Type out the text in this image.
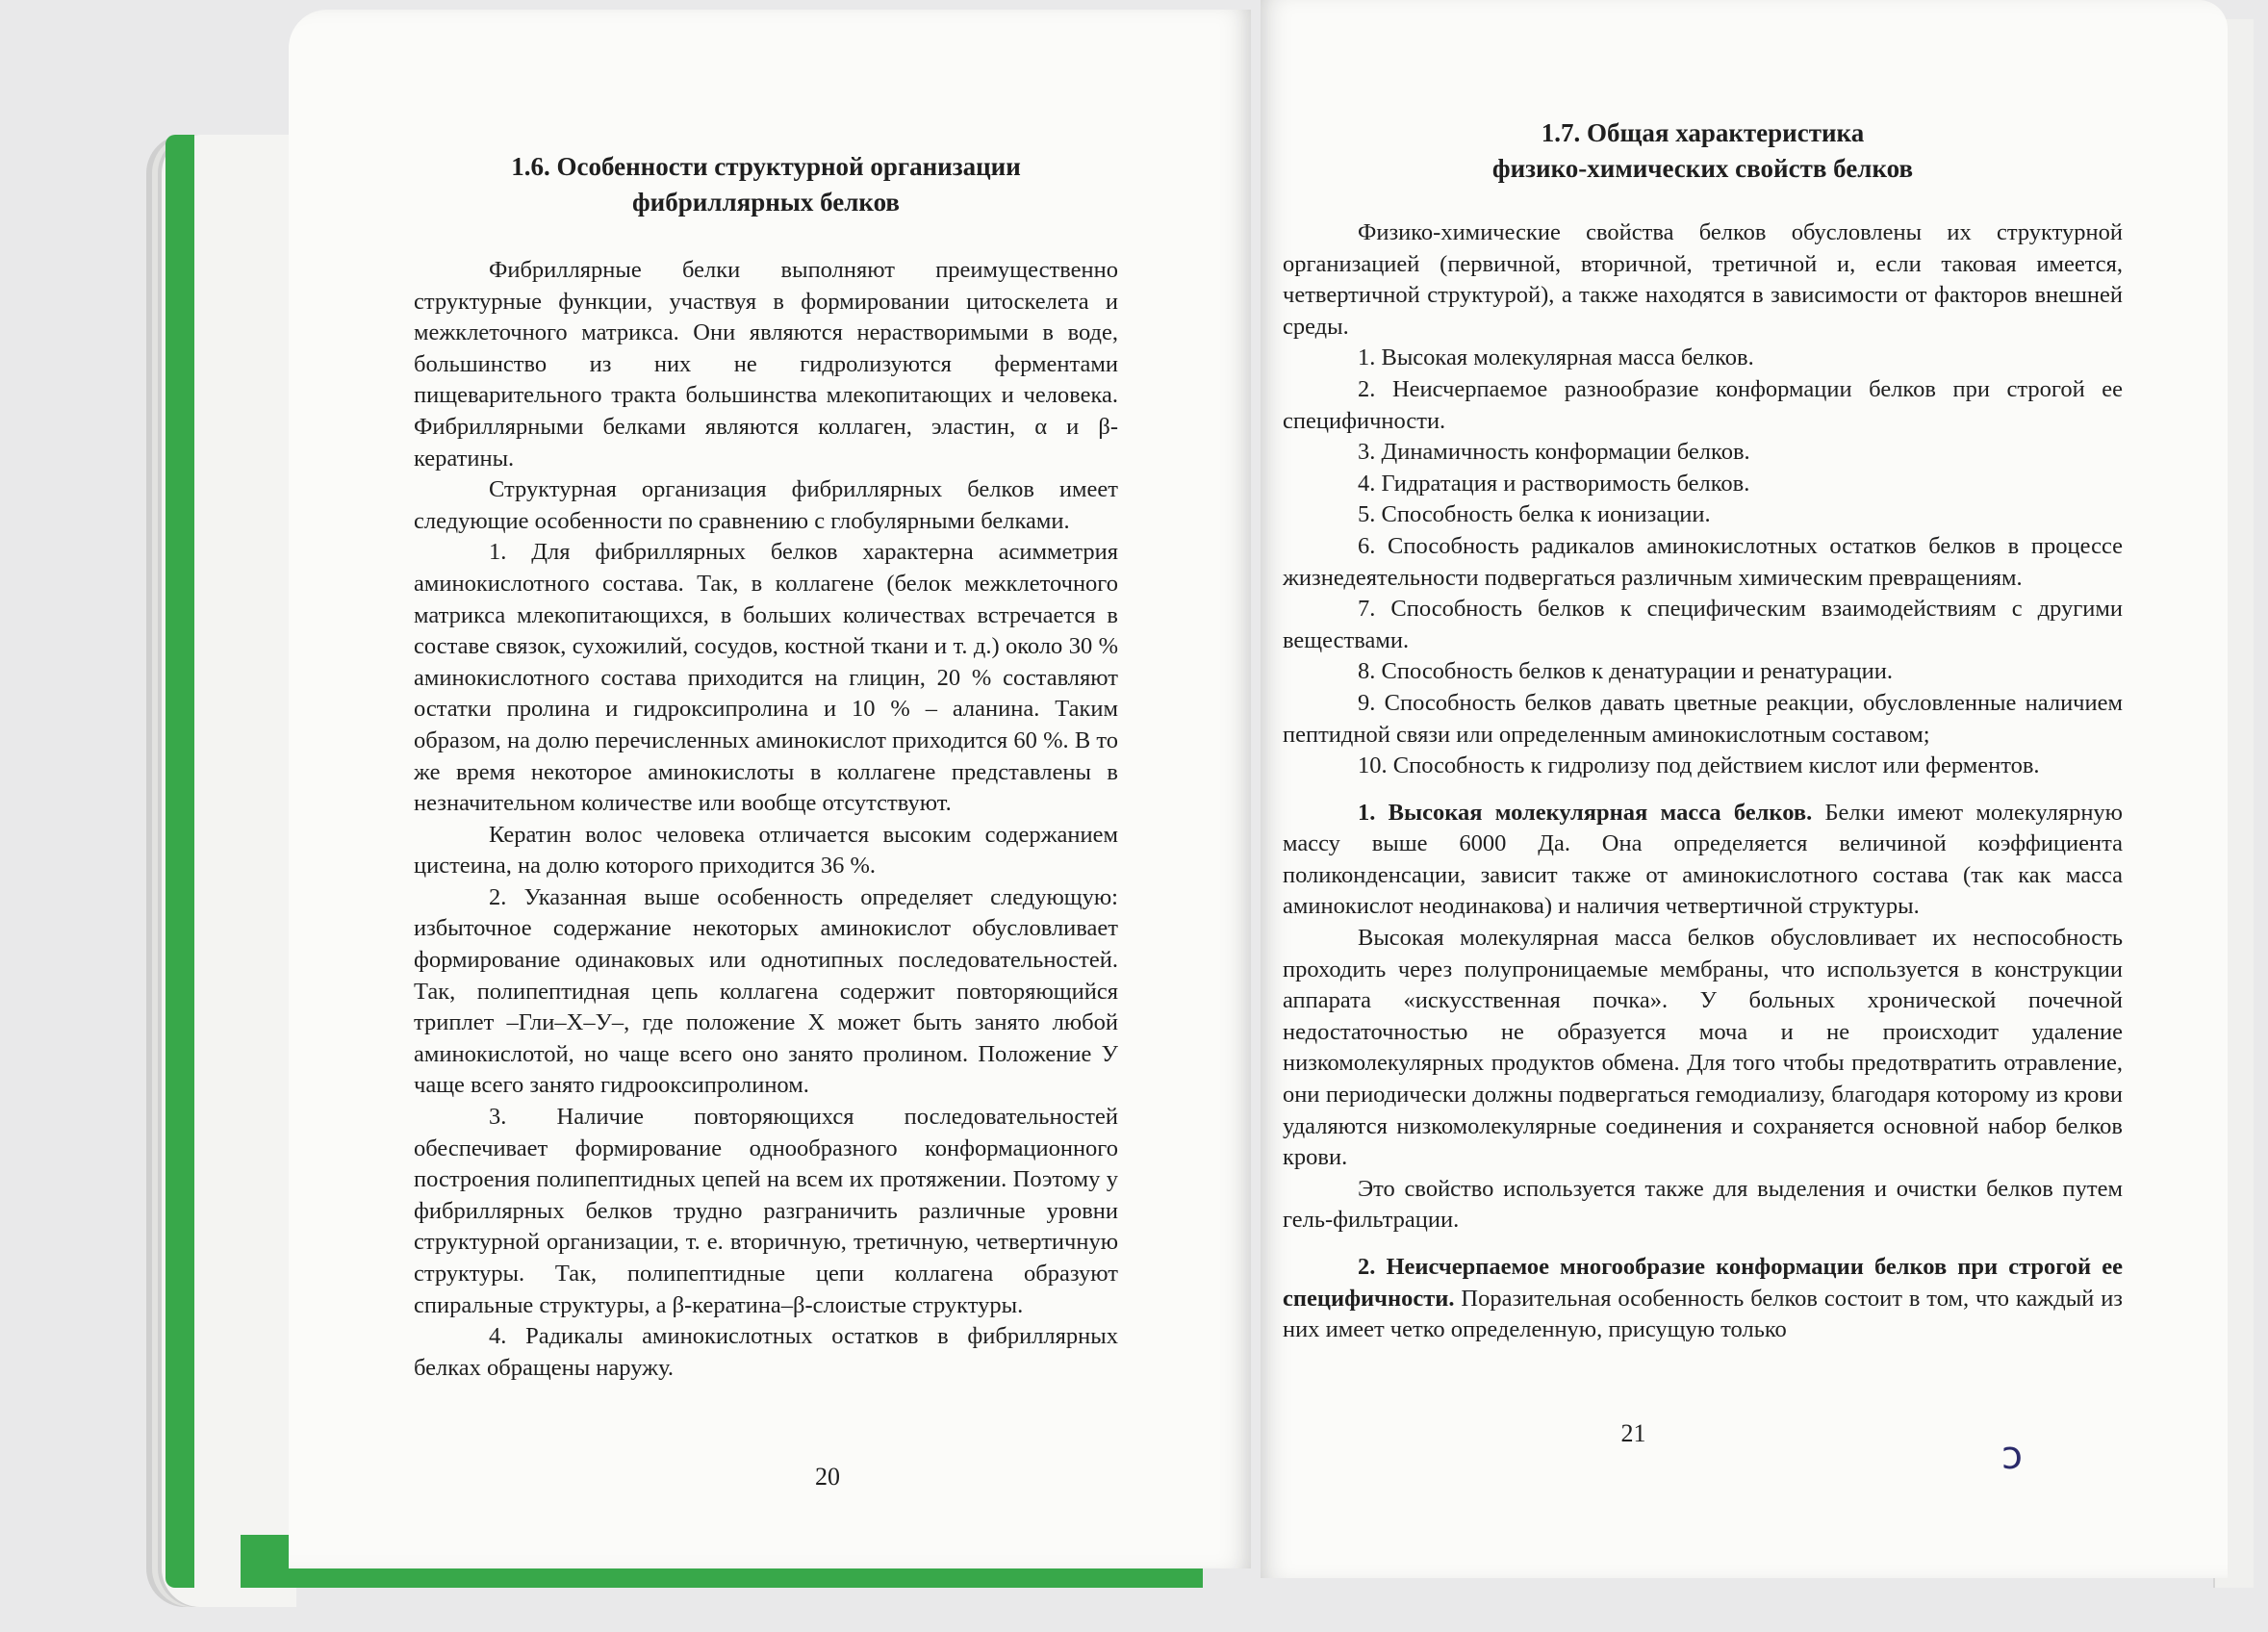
1.6. Особенности структурной организации
фибриллярных белков

Фибриллярные белки выполняют преимущественно структурные функции, участвуя в формировании цитоскелета и межклеточного матрикса. Они являются нерастворимыми в воде, большинство из них не гидролизуются ферментами пищеварительного тракта большинства млекопитающих и человека. Фибриллярными белками являются коллаген, эластин, α и β-кератины.

Структурная организация фибриллярных белков имеет следующие особенности по сравнению с глобулярными белками.

1. Для фибриллярных белков характерна асимметрия аминокислотного состава. Так, в коллагене (белок межклеточного матрикса млекопитающихся, в больших количествах встречается в составе связок, сухожилий, сосудов, костной ткани и т. д.) около 30 % аминокислотного состава приходится на глицин, 20 % составляют остатки пролина и гидроксипролина и 10 % – аланина. Таким образом, на долю перечисленных аминокислот приходится 60 %. В то же время некоторое аминокислоты в коллагене представлены в незначительном количестве или вообще отсутствуют.

Кератин волос человека отличается высоким содержанием цистеина, на долю которого приходится 36 %.

2. Указанная выше особенность определяет следующую: избыточное содержание некоторых аминокислот обусловливает формирование одинаковых или однотипных последовательностей. Так, полипептидная цепь коллагена содержит повторяющийся триплет –Гли–Х–У–, где положение Х может быть занято любой аминокислотой, но чаще всего оно занято пролином. Положение У чаще всего занято гидрооксипролином.

3. Наличие повторяющихся последовательностей обеспечивает формирование однообразного конформационного построения полипептидных цепей на всем их протяжении. Поэтому у фибриллярных белков трудно разграничить различные уровни структурной организации, т. е. вторичную, третичную, четвертичную структуры. Так, полипептидные цепи коллагена образуют спиральные структуры, а β-кератина–β-слоистые структуры.

4. Радикалы аминокислотных остатков в фибриллярных белках обращены наружу.

20
1.7. Общая характеристика
физико-химических свойств белков

Физико-химические свойства белков обусловлены их структурной организацией (первичной, вторичной, третичной и, если таковая имеется, четвертичной структурой), а также находятся в зависимости от факторов внешней среды.

1. Высокая молекулярная масса белков.

2. Неисчерпаемое разнообразие конформации белков при строгой ее специфичности.

3. Динамичность конформации белков.

4. Гидратация и растворимость белков.

5. Способность белка к ионизации.

6. Способность радикалов аминокислотных остатков белков в процессе жизнедеятельности подвергаться различным химическим превращениям.

7. Способность белков к специфическим взаимодействиям с другими веществами.

8. Способность белков к денатурации и ренатурации.

9. Способность белков давать цветные реакции, обусловленные наличием пептидной связи или определенным аминокислотным составом;

10. Способность к гидролизу под действием кислот или ферментов.

1. Высокая молекулярная масса белков. Белки имеют молекулярную массу выше 6000 Да. Она определяется величиной коэффициента поликонденсации, зависит также от аминокислотного состава (так как масса аминокислот неодинакова) и наличия четвертичной структуры.

Высокая молекулярная масса белков обусловливает их неспособность проходить через полупроницаемые мембраны, что используется в конструкции аппарата «искусственная почка». У больных хронической почечной недостаточностью не образуется моча и не происходит удаление низкомолекулярных продуктов обмена. Для того чтобы предотвратить отравление, они периодически должны подвергаться гемодиализу, благодаря которому из крови удаляются низкомолекулярные соединения и сохраняется основной набор белков крови.

Это свойство используется также для выделения и очистки белков путем гель-фильтрации.

2. Неисчерпаемое многообразие конформации белков при строгой ее специфичности. Поразительная особенность белков состоит в том, что каждый из них имеет четко определенную, присущую только

21
ↄ
